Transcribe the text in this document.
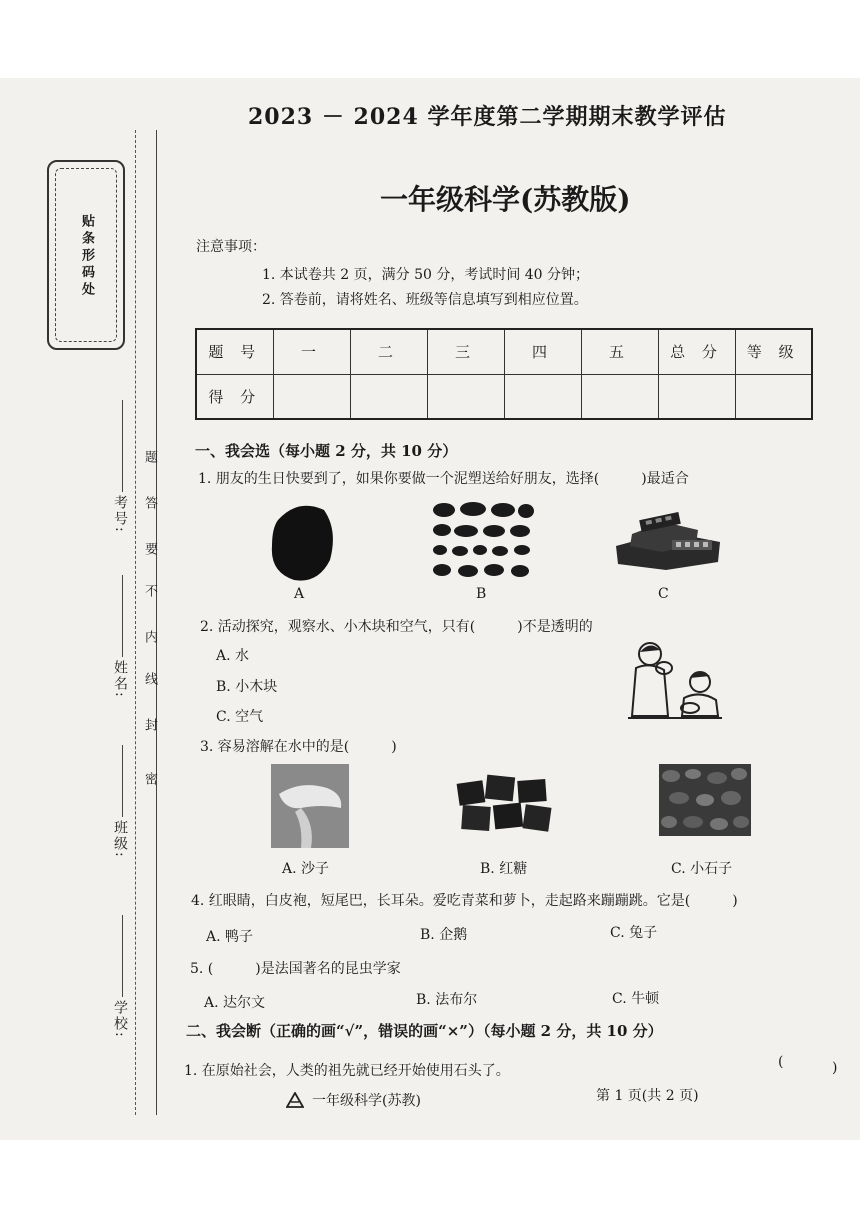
2023 － 2024 学年度第二学期期末教学评估
一年级科学(苏教版)
注意事项：
1. 本试卷共 2 页，满分 50 分，考试时间 40 分钟；
2. 答卷前，请将姓名、班级等信息填写到相应位置。
贴条形码处
题
答
要
不
内
线
封
密
考号:
姓名:
班级:
学校:
题 号	一	二	三	四	五	总 分	等 级
得 分							
一、我会选（每小题 2 分，共 10 分）
1. 朋友的生日快要到了，如果你要做一个泥塑送给好朋友，选择(　　　)最适合
A	B	C
2. 活动探究，观察水、小木块和空气，只有(　　　)不是透明的
A. 水
B. 小木块
C. 空气
3. 容易溶解在水中的是(　　　)
A. 沙子	B. 红糖	C. 小石子
4. 红眼睛，白皮袍，短尾巴，长耳朵。爱吃青菜和萝卜，走起路来蹦蹦跳。它是(　　　)
A. 鸭子	B. 企鹅	C. 兔子
5. (　　　)是法国著名的昆虫学家
A. 达尔文	B. 法布尔	C. 牛顿
二、我会断（正确的画“√”，错误的画“×”）（每小题 2 分，共 10 分）
1. 在原始社会，人类的祖先就已经开始使用石头了。
(	)
一年级科学(苏教)	第 1 页(共 2 页)
